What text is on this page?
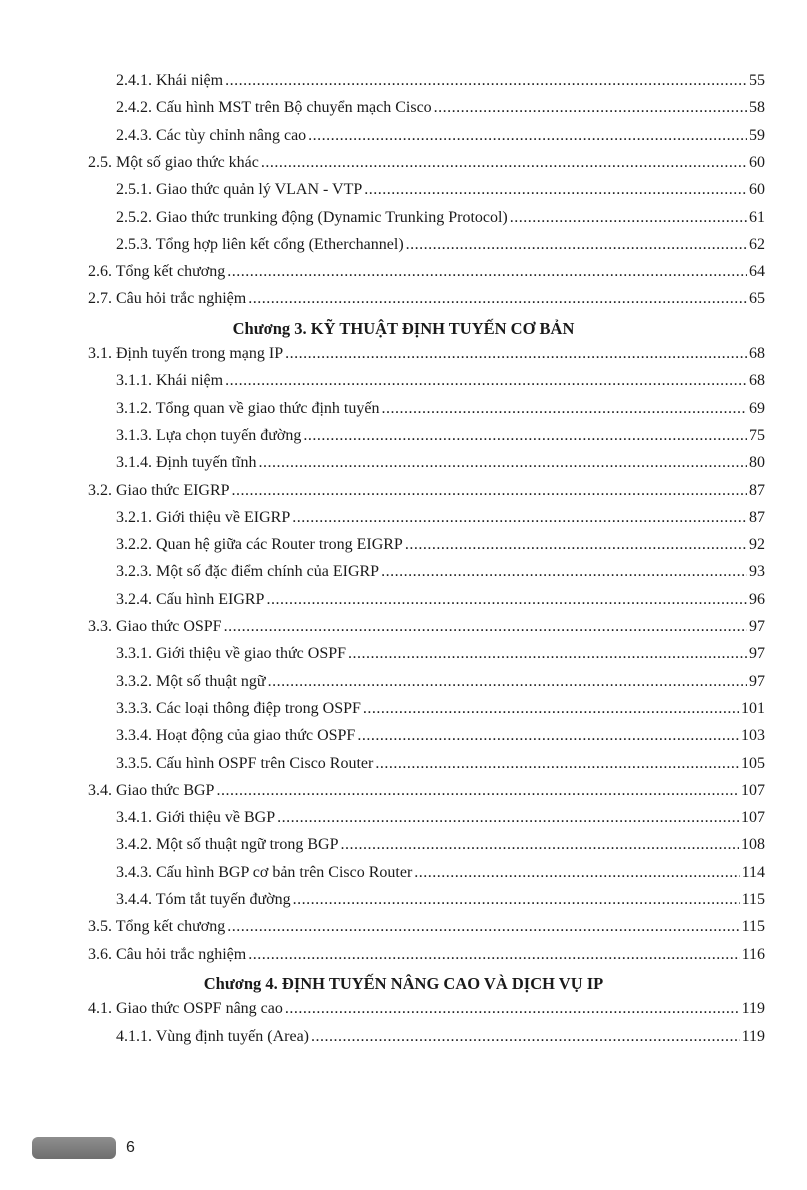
2.4.1. Khái niệm .....	55
2.4.2. Cấu hình MST trên Bộ chuyển mạch Cisco .....	58
2.4.3. Các tùy chỉnh nâng cao .....	59
2.5. Một số giao thức khác .....	60
2.5.1. Giao thức quản lý VLAN - VTP .....	60
2.5.2. Giao thức trunking động (Dynamic Trunking Protocol) .....	61
2.5.3. Tổng hợp liên kết cổng (Etherchannel) .....	62
2.6. Tổng kết chương .....	64
2.7. Câu hỏi trắc nghiệm .....	65
Chương 3. KỸ THUẬT ĐỊNH TUYẾN CƠ BẢN
3.1. Định tuyến trong mạng IP .....	68
3.1.1. Khái niệm .....	68
3.1.2. Tổng quan về giao thức định tuyến .....	69
3.1.3. Lựa chọn tuyến đường .....	75
3.1.4. Định tuyến tĩnh .....	80
3.2. Giao thức EIGRP .....	87
3.2.1. Giới thiệu về EIGRP .....	87
3.2.2. Quan hệ giữa các Router trong EIGRP .....	92
3.2.3. Một số đặc điểm chính của EIGRP .....	93
3.2.4. Cấu hình EIGRP .....	96
3.3. Giao thức OSPF .....	97
3.3.1. Giới thiệu về giao thức OSPF .....	97
3.3.2. Một số thuật ngữ .....	97
3.3.3. Các loại thông điệp trong OSPF .....	101
3.3.4. Hoạt động của giao thức OSPF .....	103
3.3.5. Cấu hình OSPF trên Cisco Router .....	105
3.4. Giao thức BGP .....	107
3.4.1. Giới thiệu về BGP .....	107
3.4.2. Một số thuật ngữ trong BGP .....	108
3.4.3. Cấu hình BGP cơ bản trên Cisco Router .....	114
3.4.4. Tóm tắt tuyến đường .....	115
3.5. Tổng kết chương .....	115
3.6. Câu hỏi trắc nghiệm .....	116
Chương 4. ĐỊNH TUYẾN NÂNG CAO VÀ DỊCH VỤ IP
4.1. Giao thức OSPF nâng cao .....	119
4.1.1. Vùng định tuyến (Area) .....	119
6
